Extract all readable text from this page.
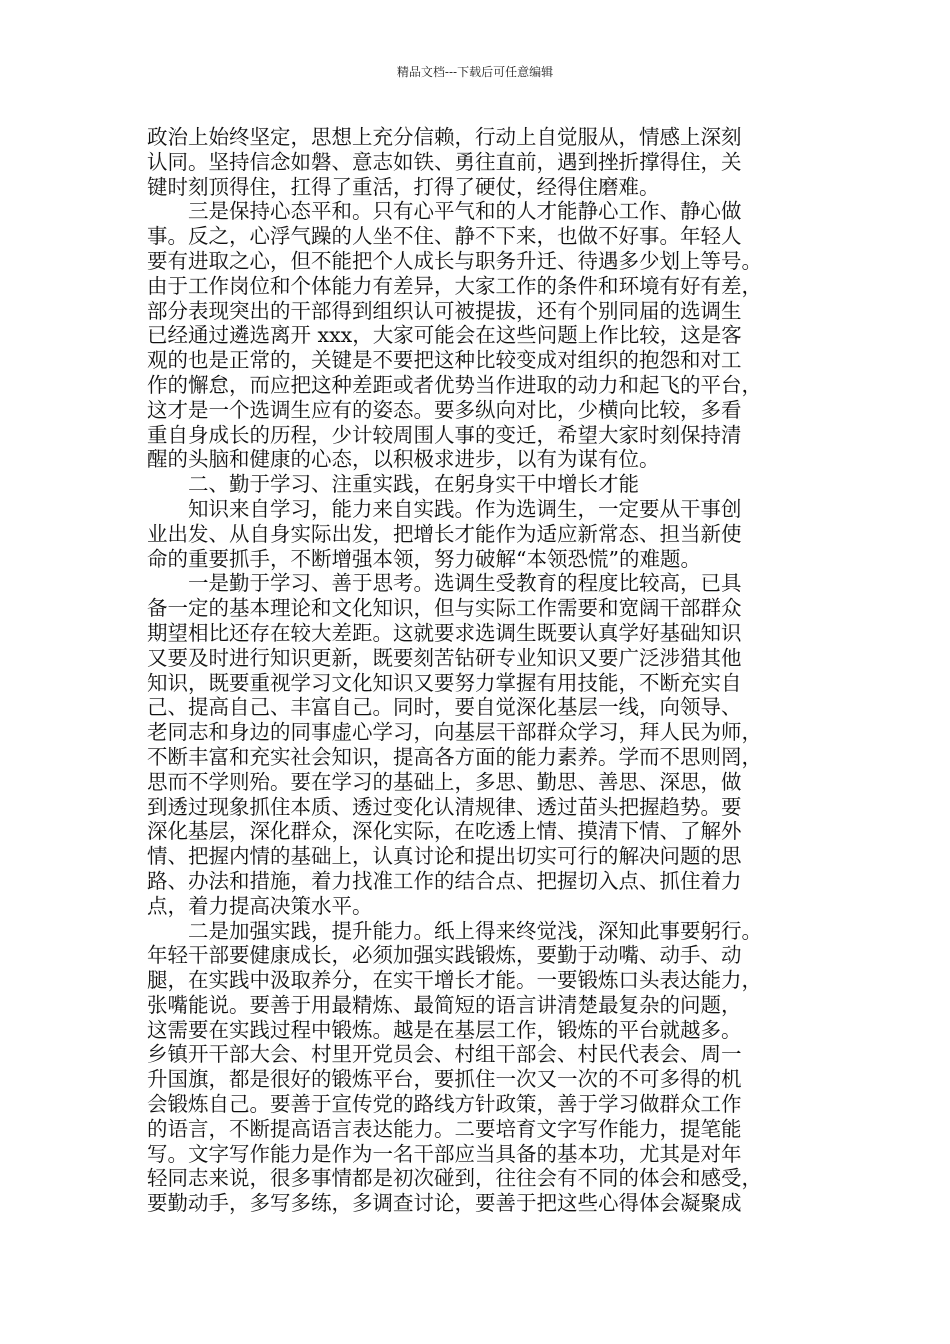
精品文档---下载后可任意编辑
政治上始终坚定，思想上充分信赖，行动上自觉服从，情感上深刻
认同。坚持信念如磐、意志如铁、勇往直前，遇到挫折撑得住，关
键时刻顶得住，扛得了重活，打得了硬仗，经得住磨难。
　　三是保持心态平和。只有心平气和的人才能静心工作、静心做
事。反之，心浮气躁的人坐不住、静不下来，也做不好事。年轻人
要有进取之心，但不能把个人成长与职务升迁、待遇多少划上等号。
由于工作岗位和个体能力有差异，大家工作的条件和环境有好有差，
部分表现突出的干部得到组织认可被提拔，还有个别同届的选调生
已经通过遴选离开 xxx，大家可能会在这些问题上作比较，这是客
观的也是正常的，关键是不要把这种比较变成对组织的抱怨和对工
作的懈怠，而应把这种差距或者优势当作进取的动力和起飞的平台，
这才是一个选调生应有的姿态。要多纵向对比，少横向比较，多看
重自身成长的历程，少计较周围人事的变迁，希望大家时刻保持清
醒的头脑和健康的心态，以积极求进步，以有为谋有位。
　　二、勤于学习、注重实践，在躬身实干中增长才能
　　知识来自学习，能力来自实践。作为选调生，一定要从干事创
业出发、从自身实际出发，把增长才能作为适应新常态、担当新使
命的重要抓手，不断增强本领，努力破解“本领恐慌”的难题。
　　一是勤于学习、善于思考。选调生受教育的程度比较高，已具
备一定的基本理论和文化知识，但与实际工作需要和宽阔干部群众
期望相比还存在较大差距。这就要求选调生既要认真学好基础知识
又要及时进行知识更新，既要刻苦钻研专业知识又要广泛涉猎其他
知识，既要重视学习文化知识又要努力掌握有用技能，不断充实自
己、提高自己、丰富自己。同时，要自觉深化基层一线，向领导、
老同志和身边的同事虚心学习，向基层干部群众学习，拜人民为师，
不断丰富和充实社会知识，提高各方面的能力素养。学而不思则罔，
思而不学则殆。要在学习的基础上，多思、勤思、善思、深思，做
到透过现象抓住本质、透过变化认清规律、透过苗头把握趋势。要
深化基层，深化群众，深化实际，在吃透上情、摸清下情、了解外
情、把握内情的基础上，认真讨论和提出切实可行的解决问题的思
路、办法和措施，着力找准工作的结合点、把握切入点、抓住着力
点，着力提高决策水平。
　　二是加强实践，提升能力。纸上得来终觉浅，深知此事要躬行。
年轻干部要健康成长，必须加强实践锻炼，要勤于动嘴、动手、动
腿，在实践中汲取养分，在实干增长才能。一要锻炼口头表达能力，
张嘴能说。要善于用最精炼、最简短的语言讲清楚最复杂的问题，
这需要在实践过程中锻炼。越是在基层工作，锻炼的平台就越多。
乡镇开干部大会、村里开党员会、村组干部会、村民代表会、周一
升国旗，都是很好的锻炼平台，要抓住一次又一次的不可多得的机
会锻炼自己。要善于宣传党的路线方针政策，善于学习做群众工作
的语言，不断提高语言表达能力。二要培育文字写作能力，提笔能
写。文字写作能力是作为一名干部应当具备的基本功，尤其是对年
轻同志来说，很多事情都是初次碰到，往往会有不同的体会和感受，
要勤动手，多写多练，多调查讨论，要善于把这些心得体会凝聚成
